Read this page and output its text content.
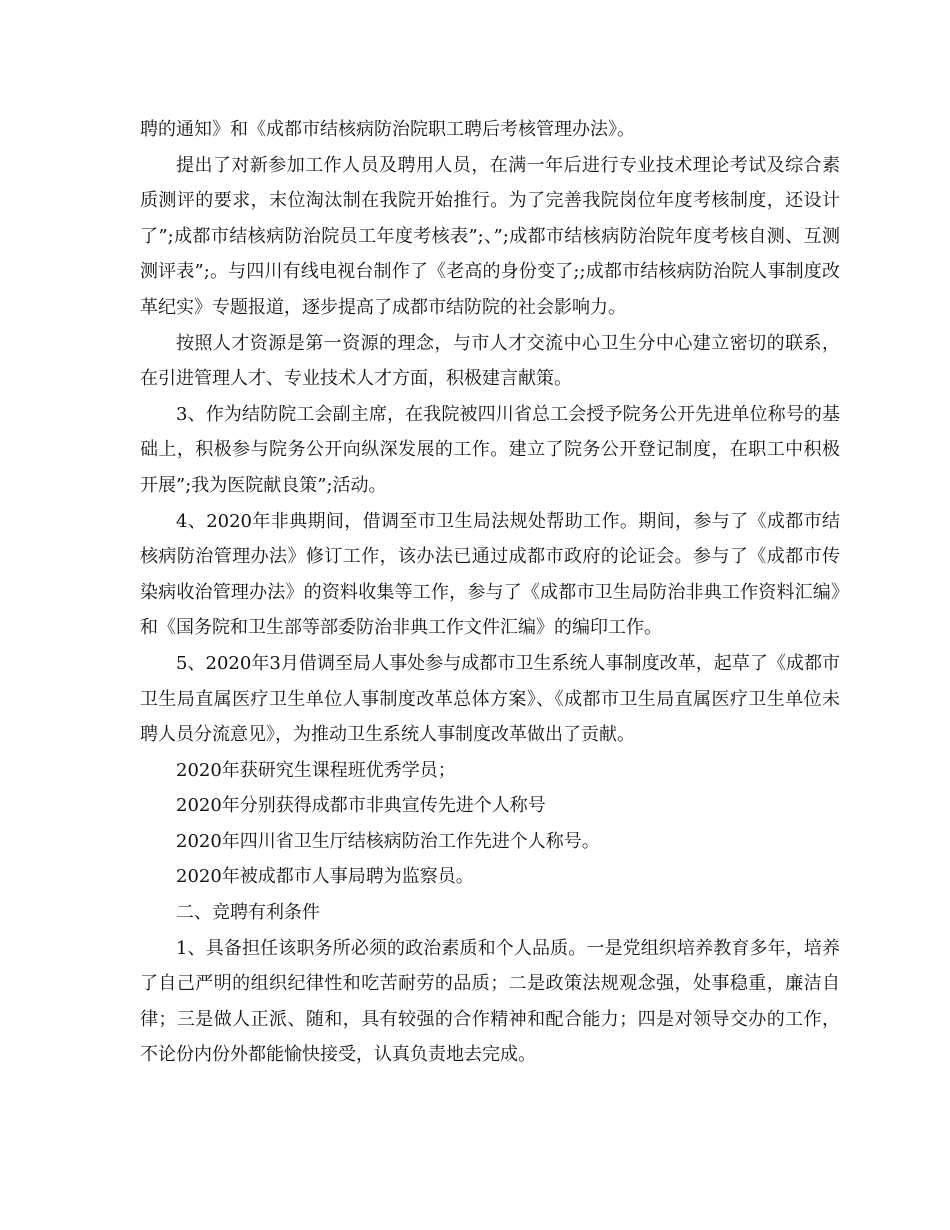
聘的通知》和《成都市结核病防治院职工聘后考核管理办法》。

提出了对新参加工作人员及聘用人员，在满一年后进行专业技术理论考试及综合素质测评的要求，末位淘汰制在我院开始推行。为了完善我院岗位年度考核制度，还设计了”;成都市结核病防治院员工年度考核表”;、”;成都市结核病防治院年度考核自测、互测测评表”;。与四川有线电视台制作了《老高的身份变了;;成都市结核病防治院人事制度改革纪实》专题报道，逐步提高了成都市结防院的社会影响力。

按照人才资源是第一资源的理念，与市人才交流中心卫生分中心建立密切的联系，在引进管理人才、专业技术人才方面，积极建言献策。

3、作为结防院工会副主席，在我院被四川省总工会授予院务公开先进单位称号的基础上，积极参与院务公开向纵深发展的工作。建立了院务公开登记制度，在职工中积极开展”;我为医院献良策”;活动。

4、2020年非典期间，借调至市卫生局法规处帮助工作。期间，参与了《成都市结核病防治管理办法》修订工作，该办法已通过成都市政府的论证会。参与了《成都市传染病收治管理办法》的资料收集等工作，参与了《成都市卫生局防治非典工作资料汇编》和《国务院和卫生部等部委防治非典工作文件汇编》的编印工作。

5、2020年3月借调至局人事处参与成都市卫生系统人事制度改革，起草了《成都市卫生局直属医疗卫生单位人事制度改革总体方案》、《成都市卫生局直属医疗卫生单位未聘人员分流意见》，为推动卫生系统人事制度改革做出了贡献。

2020年获研究生课程班优秀学员；

2020年分别获得成都市非典宣传先进个人称号

2020年四川省卫生厅结核病防治工作先进个人称号。

2020年被成都市人事局聘为监察员。

二、竞聘有利条件

1、具备担任该职务所必须的政治素质和个人品质。一是党组织培养教育多年，培养了自己严明的组织纪律性和吃苦耐劳的品质；二是政策法规观念强，处事稳重，廉洁自律；三是做人正派、随和，具有较强的合作精神和配合能力；四是对领导交办的工作，不论份内份外都能愉快接受，认真负责地去完成。
